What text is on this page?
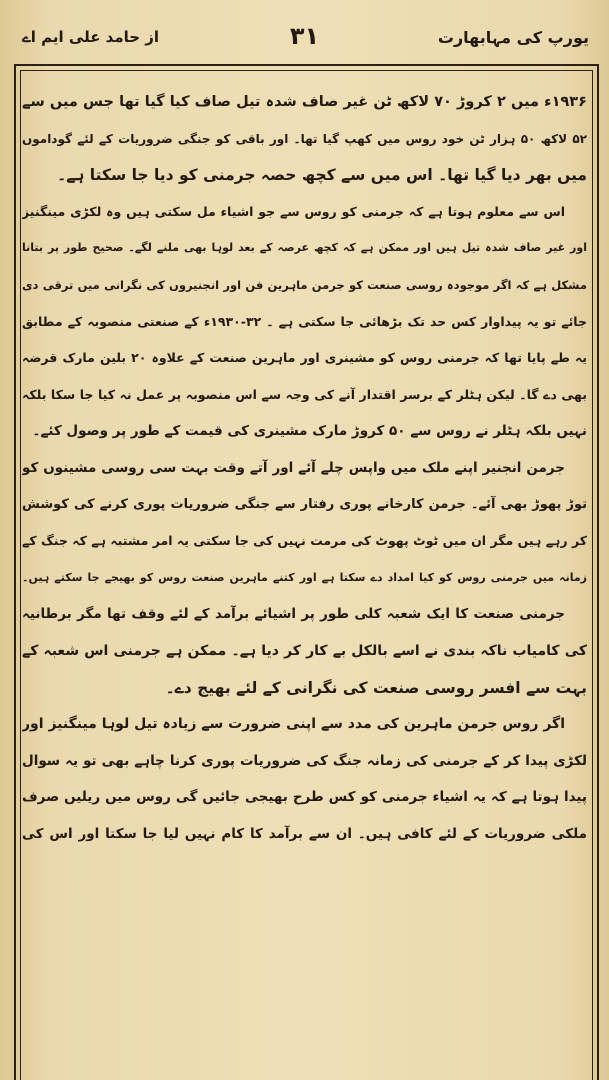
یورپ کی مہابھارت
۳۱
از حامد علی ایم اے
۱۹۳۶ء میں ۲ کروڑ ۷۰ لاکھ ٹن غیر صاف شدہ تیل صاف کیا گیا تھا جس میں سے
۵۲ لاکھ ۵۰ ہزار ٹن خود روس میں کھپ گیا تھا۔ اور باقی کو جنگی ضروریات کے لئے گوداموں
میں بھر دیا گیا تھا۔ اس میں سے کچھ حصہ جرمنی کو دیا جا سکتا ہے۔
اس سے معلوم ہوتا ہے کہ جرمنی کو روس سے جو اشیاء مل سکتی ہیں وہ لکڑی مینگنیز
اور غیر صاف شدہ تیل ہیں اور ممکن ہے کہ کچھ عرصہ کے بعد لوہا بھی ملنے لگے۔ صحیح طور پر بتانا
مشکل ہے کہ اگر موجودہ روسی صنعت کو جرمن ماہرین فن اور انجنیروں کی نگرانی میں ترقی دی
جائے تو یہ پیداوار کس حد تک بڑھائی جا سکتی ہے ۔ ۳۲-۱۹۳۰ء کے صنعتی منصوبہ کے مطابق
یہ طے پایا تھا کہ جرمنی روس کو مشینری اور ماہرین صنعت کے علاوہ ۲۰ بلین مارک قرضہ
بھی دے گا۔ لیکن ہٹلر کے برسر اقتدار آنے کی وجہ سے اس منصوبہ پر عمل نہ کیا جا سکا بلکہ
نہیں بلکہ ہٹلر نے روس سے ۵۰ کروڑ مارک مشینری کی قیمت کے طور پر وصول کئے۔
جرمن انجنیر اپنے ملک میں واپس چلے آئے اور آتے وقت بہت سی روسی مشینوں کو
توڑ پھوڑ بھی آئے۔ جرمن کارخانے پوری رفتار سے جنگی ضروریات پوری کرنے کی کوشش
کر رہے ہیں مگر ان میں ٹوٹ پھوٹ کی مرمت نہیں کی جا سکتی یہ امر مشتبہ ہے کہ جنگ کے
زمانہ میں جرمنی روس کو کیا امداد دے سکتا ہے اور کتنے ماہرین صنعت روس کو بھیجے جا سکتے ہیں۔
جرمنی صنعت کا ایک شعبہ کلی طور پر اشیائے برآمد کے لئے وقف تھا مگر برطانیہ
کی کامیاب ناکہ بندی نے اسے بالکل بے کار کر دیا ہے۔ ممکن ہے جرمنی اس شعبہ کے
بہت سے افسر روسی صنعت کی نگرانی کے لئے بھیج دے۔
اگر روس جرمن ماہرین کی مدد سے اپنی ضرورت سے زیادہ تیل لوہا مینگنیز اور
لکڑی پیدا کر کے جرمنی کی زمانہ جنگ کی ضروریات پوری کرنا چاہے بھی تو یہ سوال
پیدا ہوتا ہے کہ یہ اشیاء جرمنی کو کس طرح بھیجی جائیں گی روس میں ریلیں صرف
ملکی ضروریات کے لئے کافی ہیں۔ ان سے برآمد کا کام نہیں لیا جا سکتا اور اس کی
